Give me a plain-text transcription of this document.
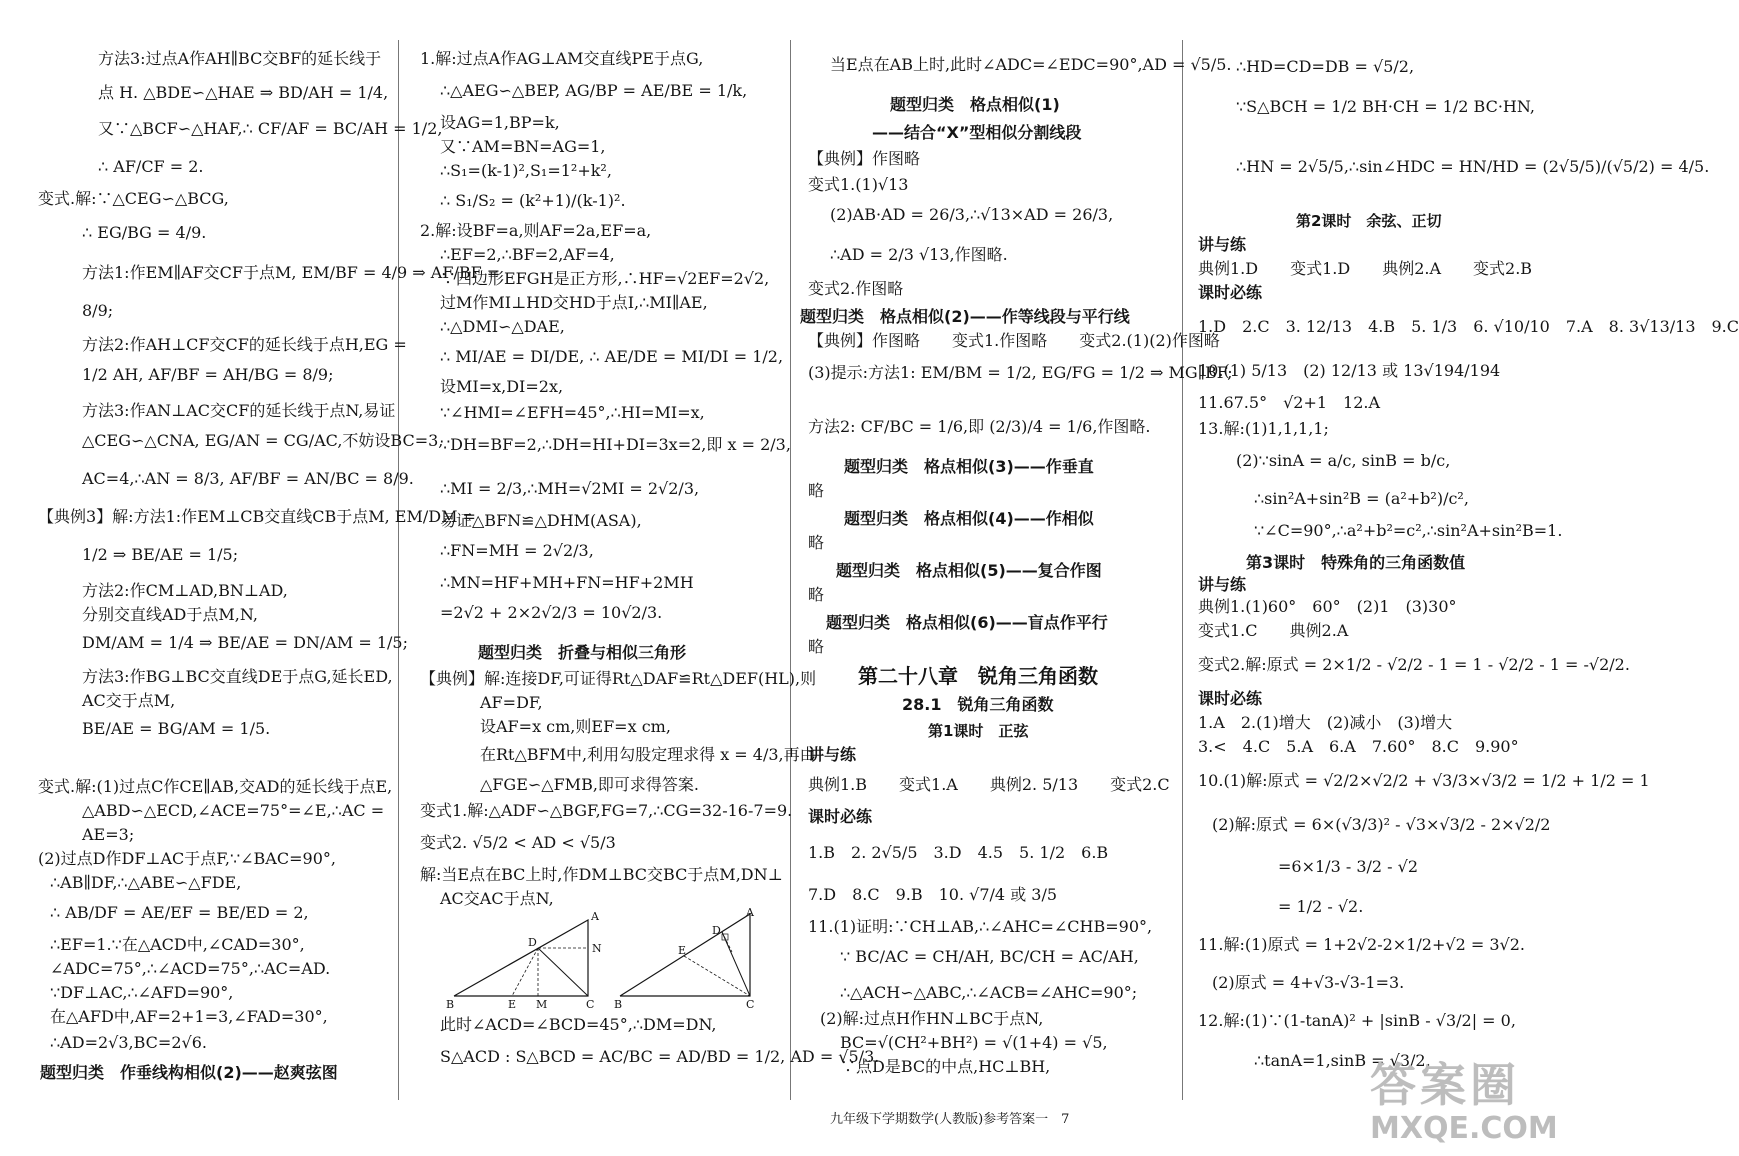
方法3:过点A作AH∥BC交BF的延长线于
点 H. △BDE∽△HAE ⇒ BD/AH = 1/4,
又∵△BCF∽△HAF,∴ CF/AF = BC/AH = 1/2,
∴ AF/CF = 2.
变式.解:∵△CEG∽△BCG,
∴ EG/BG = 4/9.
方法1:作EM∥AF交CF于点M, EM/BF = 4/9 ⇒ AF/BF =
8/9;
方法2:作AH⊥CF交CF的延长线于点H,EG =
1/2 AH, AF/BF = AH/BG = 8/9;
方法3:作AN⊥AC交CF的延长线于点N,易证
△CEG∽△CNA, EG/AN = CG/AC,不妨设BC=3,
AC=4,∴AN = 8/3, AF/BF = AN/BC = 8/9.
【典例3】解:方法1:作EM⊥CB交直线CB于点M, EM/DM =
1/2 ⇒ BE/AE = 1/5;
方法2:作CM⊥AD,BN⊥AD,
分别交直线AD于点M,N,
DM/AM = 1/4 ⇒ BE/AE = DN/AM = 1/5;
方法3:作BG⊥BC交直线DE于点G,延长ED,
AC交于点M,
BE/AE = BG/AM = 1/5.
变式.解:(1)过点C作CE∥AB,交AD的延长线于点E,
△ABD∽△ECD,∠ACE=75°=∠E,∴AC =
AE=3;
(2)过点D作DF⊥AC于点F,∵∠BAC=90°,
∴AB∥DF,∴△ABE∽△FDE,
∴ AB/DF = AE/EF = BE/ED = 2,
∴EF=1.∵在△ACD中,∠CAD=30°,
∠ADC=75°,∴∠ACD=75°,∴AC=AD.
∵DF⊥AC,∴∠AFD=90°,
在△AFD中,AF=2+1=3,∠FAD=30°,
∴AD=2√3,BC=2√6.
题型归类　作垂线构相似(2)——赵爽弦图
1.解:过点A作AG⊥AM交直线PE于点G,
∴△AEG∽△BEP, AG/BP = AE/BE = 1/k,
设AG=1,BP=k,
又∵AM=BN=AG=1,
∴S₁=(k-1)²,S₁=1²+k²,
∴ S₁/S₂ = (k²+1)/(k-1)².
2.解:设BF=a,则AF=2a,EF=a,
∴EF=2,∴BF=2,AF=4,
∵四边形EFGH是正方形,∴HF=√2EF=2√2,
过M作MI⊥HD交HD于点I,∴MI∥AE,
∴△DMI∽△DAE,
∴ MI/AE = DI/DE, ∴ AE/DE = MI/DI = 1/2,
设MI=x,DI=2x,
∵∠HMI=∠EFH=45°,∴HI=MI=x,
∵DH=BF=2,∴DH=HI+DI=3x=2,即 x = 2/3,
∴MI = 2/3,∴MH=√2MI = 2√2/3,
易证△BFN≌△DHM(ASA),
∴FN=MH = 2√2/3,
∴MN=HF+MH+FN=HF+2MH
=2√2 + 2×2√2/3 = 10√2/3.
题型归类　折叠与相似三角形
【典例】解:连接DF,可证得Rt△DAF≌Rt△DEF(HL),则
AF=DF,
设AF=x cm,则EF=x cm,
在Rt△BFM中,利用勾股定理求得 x = 4/3,再由
△FGE∽△FMB,即可求得答案.
变式1.解:△ADF∽△BGF,FG=7,∴CG=32-16-7=9.
变式2. √5/2 < AD < √5/3
解:当E点在BC上时,作DM⊥BC交BC于点M,DN⊥
AC交AC于点N,
A
B	C
D	N
E M
A
B	C
D
E
此时∠ACD=∠BCD=45°,∴DM=DN,
S△ACD : S△BCD = AC/BC = AD/BD = 1/2, AD = √5/3.
当E点在AB上时,此时∠ADC=∠EDC=90°,AD = √5/5.
题型归类　格点相似(1)
——结合“X”型相似分割线段
【典例】作图略
变式1.(1)√13
(2)AB·AD = 26/3,∴√13×AD = 26/3,
∴AD = 2/3 √13,作图略.
变式2.作图略
题型归类　格点相似(2)——作等线段与平行线
【典例】作图略　　变式1.作图略　　变式2.(1)(2)作图略
(3)提示:方法1: EM/BM = 1/2, EG/FG = 1/2 ⇒ MG∥BF;
方法2: CF/BC = 1/6,即 (2/3)/4 = 1/6,作图略.
题型归类　格点相似(3)——作垂直
略
题型归类　格点相似(4)——作相似
略
题型归类　格点相似(5)——复合作图
略
题型归类　格点相似(6)——盲点作平行
略
第二十八章　锐角三角函数
28.1　锐角三角函数
第1课时　正弦
讲与练
典例1.B　　变式1.A　　典例2. 5/13　　变式2.C
课时必练
1.B　2. 2√5/5　3.D　4.5　5. 1/2　6.B
7.D　8.C　9.B　10. √7/4 或 3/5
11.(1)证明:∵CH⊥AB,∴∠AHC=∠CHB=90°,
∵ BC/AC = CH/AH, BC/CH = AC/AH,
∴△ACH∽△ABC,∴∠ACB=∠AHC=90°;
(2)解:过点H作HN⊥BC于点N,
BC=√(CH²+BH²) = √(1+4) = √5,
∵点D是BC的中点,HC⊥BH,
∴HD=CD=DB = √5/2,
∵S△BCH = 1/2 BH·CH = 1/2 BC·HN,
∴HN = 2√5/5,∴sin∠HDC = HN/HD = (2√5/5)/(√5/2) = 4/5.
第2课时　余弦、正切
讲与练
典例1.D　　变式1.D　　典例2.A　　变式2.B
课时必练
1.D　2.C　3. 12/13　4.B　5. 1/3　6. √10/10　7.A　8. 3√13/13　9.C
10.(1) 5/13　(2) 12/13 或 13√194/194
11.67.5°　√2+1　12.A
13.解:(1)1,1,1,1;
(2)∵sinA = a/c, sinB = b/c,
∴sin²A+sin²B = (a²+b²)/c²,
∵∠C=90°,∴a²+b²=c²,∴sin²A+sin²B=1.
第3课时　特殊角的三角函数值
讲与练
典例1.(1)60°　60°　(2)1　(3)30°
变式1.C　　典例2.A
变式2.解:原式 = 2×1/2 - √2/2 - 1 = 1 - √2/2 - 1 = -√2/2.
课时必练
1.A　2.(1)增大　(2)减小　(3)增大
3.<　4.C　5.A　6.A　7.60°　8.C　9.90°
10.(1)解:原式 = √2/2×√2/2 + √3/3×√3/2 = 1/2 + 1/2 = 1
(2)解:原式 = 6×(√3/3)² - √3×√3/2 - 2×√2/2
=6×1/3 - 3/2 - √2
= 1/2 - √2.
11.解:(1)原式 = 1+2√2-2×1/2+√2 = 3√2.
(2)原式 = 4+√3-√3-1=3.
12.解:(1)∵(1-tanA)² + |sinB - √3/2| = 0,
∴tanA=1,sinB = √3/2.
九年级下学期数学(人教版)参考答案一　7
答案圈
MXQE.COM
